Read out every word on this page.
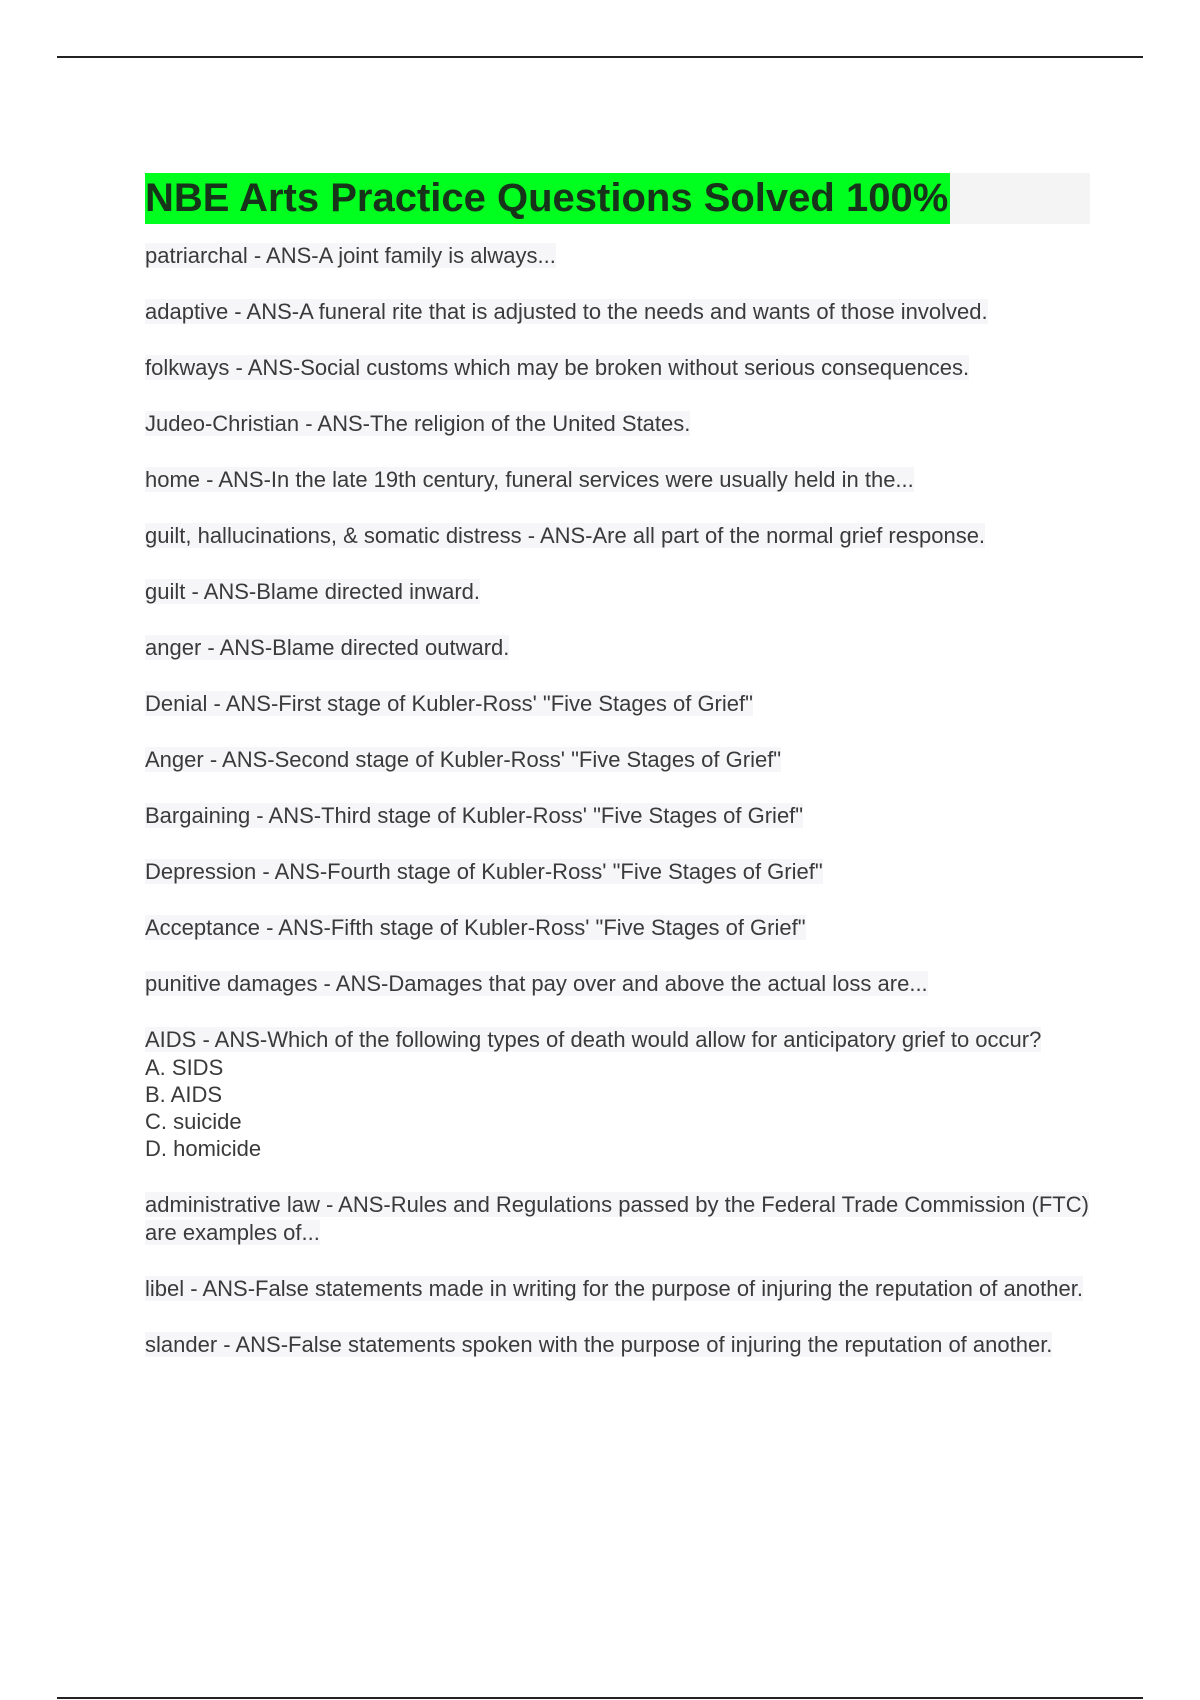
NBE Arts Practice Questions Solved 100%
patriarchal - ANS-A joint family is always...
adaptive - ANS-A funeral rite that is adjusted to the needs and wants of those involved.
folkways - ANS-Social customs which may be broken without serious consequences.
Judeo-Christian - ANS-The religion of the United States.
home - ANS-In the late 19th century, funeral services were usually held in the...
guilt, hallucinations, & somatic distress - ANS-Are all part of the normal grief response.
guilt - ANS-Blame directed inward.
anger - ANS-Blame directed outward.
Denial - ANS-First stage of Kubler-Ross' "Five Stages of Grief"
Anger - ANS-Second stage of Kubler-Ross' "Five Stages of Grief"
Bargaining - ANS-Third stage of Kubler-Ross' "Five Stages of Grief"
Depression - ANS-Fourth stage of Kubler-Ross' "Five Stages of Grief"
Acceptance - ANS-Fifth stage of Kubler-Ross' "Five Stages of Grief"
punitive damages - ANS-Damages that pay over and above the actual loss are...
AIDS - ANS-Which of the following types of death would allow for anticipatory grief to occur?
A. SIDS
B. AIDS
C. suicide
D. homicide
administrative law - ANS-Rules and Regulations passed by the Federal Trade Commission (FTC) are examples of...
libel - ANS-False statements made in writing for the purpose of injuring the reputation of another.
slander - ANS-False statements spoken with the purpose of injuring the reputation of another.
